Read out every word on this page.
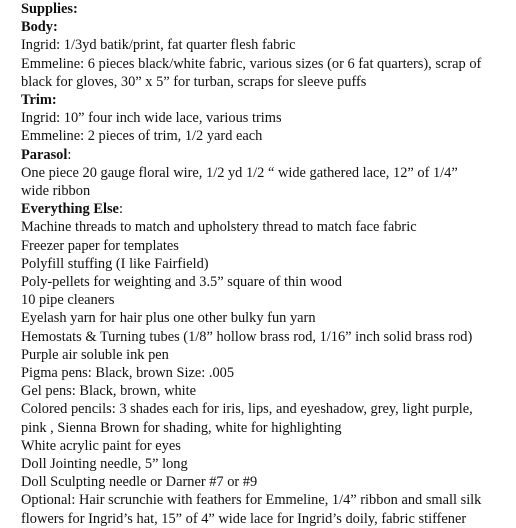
Supplies:
Body:
Ingrid: 1/3yd batik/print, fat quarter flesh fabric
Emmeline: 6 pieces black/white fabric, various sizes (or 6 fat quarters), scrap of
black for gloves, 30” x 5” for turban, scraps for sleeve puffs
Trim:
Ingrid: 10” four inch wide lace, various trims
Emmeline: 2 pieces of trim, 1/2 yard each
Parasol:
One piece 20 gauge floral wire, 1/2 yd 1/2 “ wide gathered lace, 12” of 1/4”
wide ribbon
Everything Else:
Machine threads to match and upholstery thread to match face fabric
Freezer paper for templates
Polyfill stuffing (I like Fairfield)
Poly-pellets for weighting and 3.5” square of thin wood
10 pipe cleaners
Eyelash yarn for hair plus one other bulky fun yarn
Hemostats & Turning tubes (1/8” hollow brass rod, 1/16” inch solid brass rod)
Purple air soluble ink pen
Pigma pens: Black, brown Size: .005
Gel pens: Black, brown, white
Colored pencils: 3 shades each for iris, lips, and eyeshadow, grey, light purple,
pink , Sienna Brown for shading, white for highlighting
White acrylic paint for eyes
Doll Jointing needle, 5” long
Doll Sculpting needle or Darner #7 or #9
Optional: Hair scrunchie with feathers for Emmeline, 1/4” ribbon and small silk
flowers for Ingrid’s hat, 15” of 4” wide lace for Ingrid’s doily, fabric stiffener
